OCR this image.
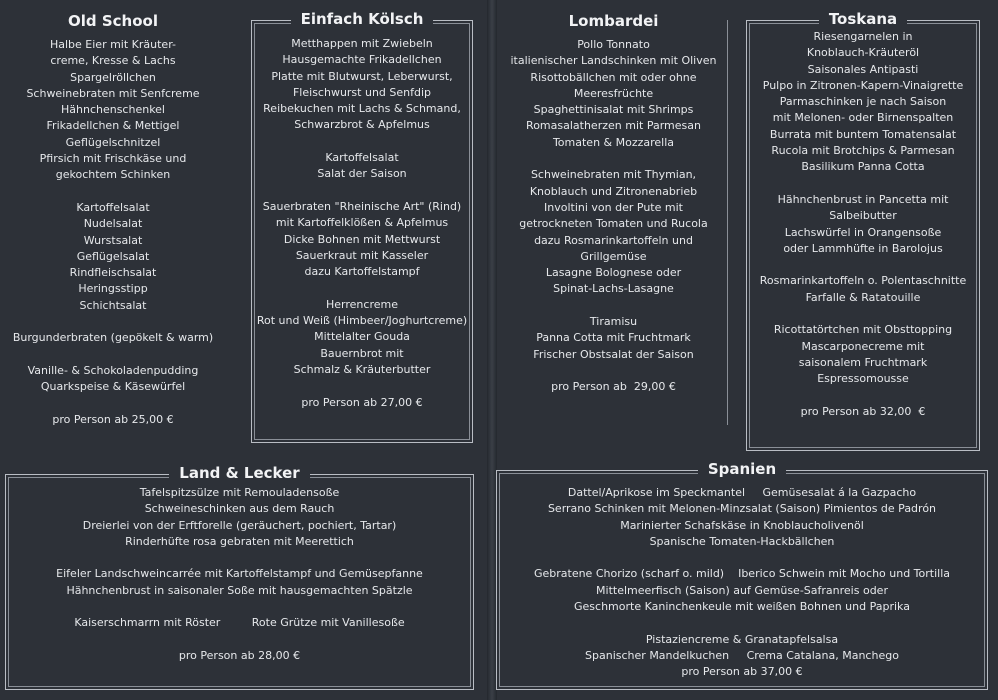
Old School
Halbe Eier mit Kräuter-
creme, Kresse & Lachs
Spargelröllchen
Schweinebraten mit Senfcreme
Hähnchenschenkel
Frikadellchen & Mettigel
Geflügelschnitzel
Pfirsich mit Frischkäse und
gekochtem Schinken
Kartoffelsalat
Nudelsalat
Wurstsalat
Geflügelsalat
Rindfleischsalat
Heringsstipp
Schichtsalat
Burgunderbraten (gepökelt & warm)
Vanille- & Schokoladenpudding
Quarkspeise & Käsewürfel
pro Person ab 25,00 €
Einfach Kölsch
Metthappen mit Zwiebeln
Hausgemachte Frikadellchen
Platte mit Blutwurst, Leberwurst,
Fleischwurst und Senfdip
Reibekuchen mit Lachs & Schmand,
Schwarzbrot & Apfelmus
Kartoffelsalat
Salat der Saison
Sauerbraten "Rheinische Art" (Rind)
mit Kartoffelklößen & Apfelmus
Dicke Bohnen mit Mettwurst
Sauerkraut mit Kasseler
dazu Kartoffelstampf
Herrencreme
Rot und Weiß (Himbeer/Joghurtcreme)
Mittelalter Gouda
Bauernbrot mit
Schmalz & Kräuterbutter
pro Person ab 27,00 €
Lombardei
Pollo Tonnato
italienischer Landschinken mit Oliven
Risottobällchen mit oder ohne
Meeresfrüchte
Spaghettinisalat mit Shrimps
Romasalatherzen mit Parmesan
Tomaten & Mozzarella
Schweinebraten mit Thymian,
Knoblauch und Zitronenabrieb
Involtini von der Pute mit
getrockneten Tomaten und Rucola
dazu Rosmarinkartoffeln und
Grillgemüse
Lasagne Bolognese oder
Spinat-Lachs-Lasagne
Tiramisu
Panna Cotta mit Fruchtmark
Frischer Obstsalat der Saison
pro Person ab  29,00 €
Toskana
Riesengarnelen in
Knoblauch-Kräuteröl
Saisonales Antipasti
Pulpo in Zitronen-Kapern-Vinaigrette
Parmaschinken je nach Saison
mit Melonen- oder Birnenspalten
Burrata mit buntem Tomatensalat
Rucola mit Brotchips & Parmesan
Basilikum Panna Cotta
Hähnchenbrust in Pancetta mit
Salbeibutter
Lachswürfel in Orangensoße
oder Lammhüfte in Barolojus
Rosmarinkartoffeln o. Polentaschnitte
Farfalle & Ratatouille
Ricottatörtchen mit Obsttopping
Mascarponecreme mit
saisonalem Fruchtmark
Espressomousse
pro Person ab 32,00  €
Land & Lecker
Tafelspitzsülze mit Remouladensoße
Schweineschinken aus dem Rauch
Dreierlei von der Erftforelle (geräuchert, pochiert, Tartar)
Rinderhüfte rosa gebraten mit Meerettich
Eifeler Landschweincarrée mit Kartoffelstampf und Gemüsepfanne
Hähnchenbrust in saisonaler Soße mit hausgemachten Spätzle
Kaiserschmarrn mit Röster         Rote Grütze mit Vanillesoße
pro Person ab 28,00 €
Spanien
Dattel/Aprikose im Speckmantel     Gemüsesalat á la Gazpacho
Serrano Schinken mit Melonen-Minzsalat (Saison) Pimientos de Padrón
Marinierter Schafskäse in Knoblaucholivenöl
Spanische Tomaten-Hackbällchen
Gebratene Chorizo (scharf o. mild)    Iberico Schwein mit Mocho und Tortilla
Mittelmeerfisch (Saison) auf Gemüse-Safranreis oder
Geschmorte Kaninchenkeule mit weißen Bohnen und Paprika
Pistaziencreme & Granatapfelsalsa
Spanischer Mandelkuchen     Crema Catalana, Manchego
pro Person ab 37,00 €
